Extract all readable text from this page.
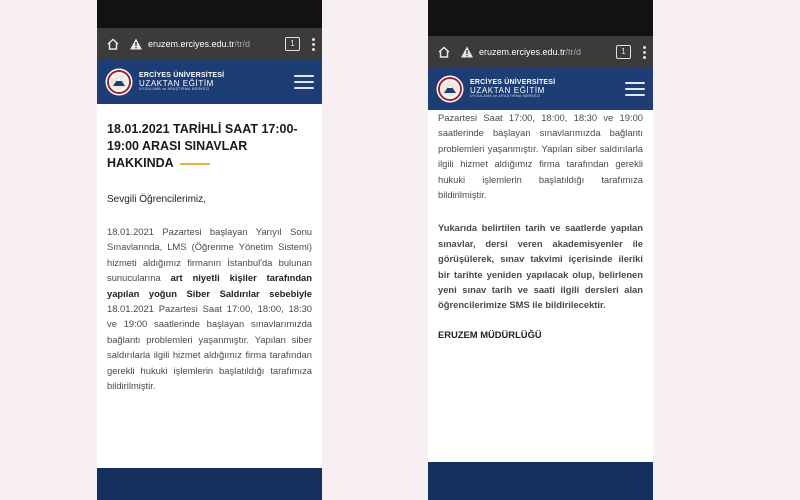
eruzem.erciyes.edu.tr /tr/d	1
ERCİYES ÜNİVERSİTESİ
UZAKTAN EĞİTİM
UYGULAMA ve ARAŞTIRMA MERKEZİ
18.01.2021 TARİHLİ SAAT 17:00-19:00 ARASI SINAVLAR HAKKINDA
Sevgili Öğrencilerimiz,

18.01.2021 Pazartesi başlayan Yarıyıl Sonu Sınavlarında, LMS (Öğrenme Yönetim Sistemi) hizmeti aldığımız firmanın İstanbul'da bulunan sunucularına art niyetli kişiler tarafından yapılan yoğun Siber Saldırılar sebebiyle 18.01.2021 Pazartesi Saat 17:00, 18:00, 18:30 ve 19:00 saatlerinde başlayan sınavlarımızda bağlantı problemleri yaşanmıştır. Yapılan siber saldırılarla ilgili hizmet aldığımız firma tarafından gerekli hukuki işlemlerin başlatıldığı tarafımıza bildirilmiştir.

eruzem.erciyes.edu.tr /tr/d	1
ERCİYES ÜNİVERSİTESİ
UZAKTAN EĞİTİM
UYGULAMA ve ARAŞTIRMA MERKEZİ

Pazartesi Saat 17:00, 18:00, 18:30 ve 19:00 saatlerinde başlayan sınavlarımızda bağlantı problemleri yaşanmıştır. Yapılan siber saldırılarla ilgili hizmet aldığımız firma tarafından gerekli hukuki işlemlerin başlatıldığı tarafımıza bildirilmiştir.

Yukarıda belirtilen tarih ve saatlerde yapılan sınavlar, dersi veren akademisyenler ile görüşülerek, sınav takvimi içerisinde ileriki bir tarihte yeniden yapılacak olup, belirlenen yeni sınav tarih ve saati ilgili dersleri alan öğrencilerimize SMS ile bildirilecektir.

ERUZEM MÜDÜRLÜĞÜ
